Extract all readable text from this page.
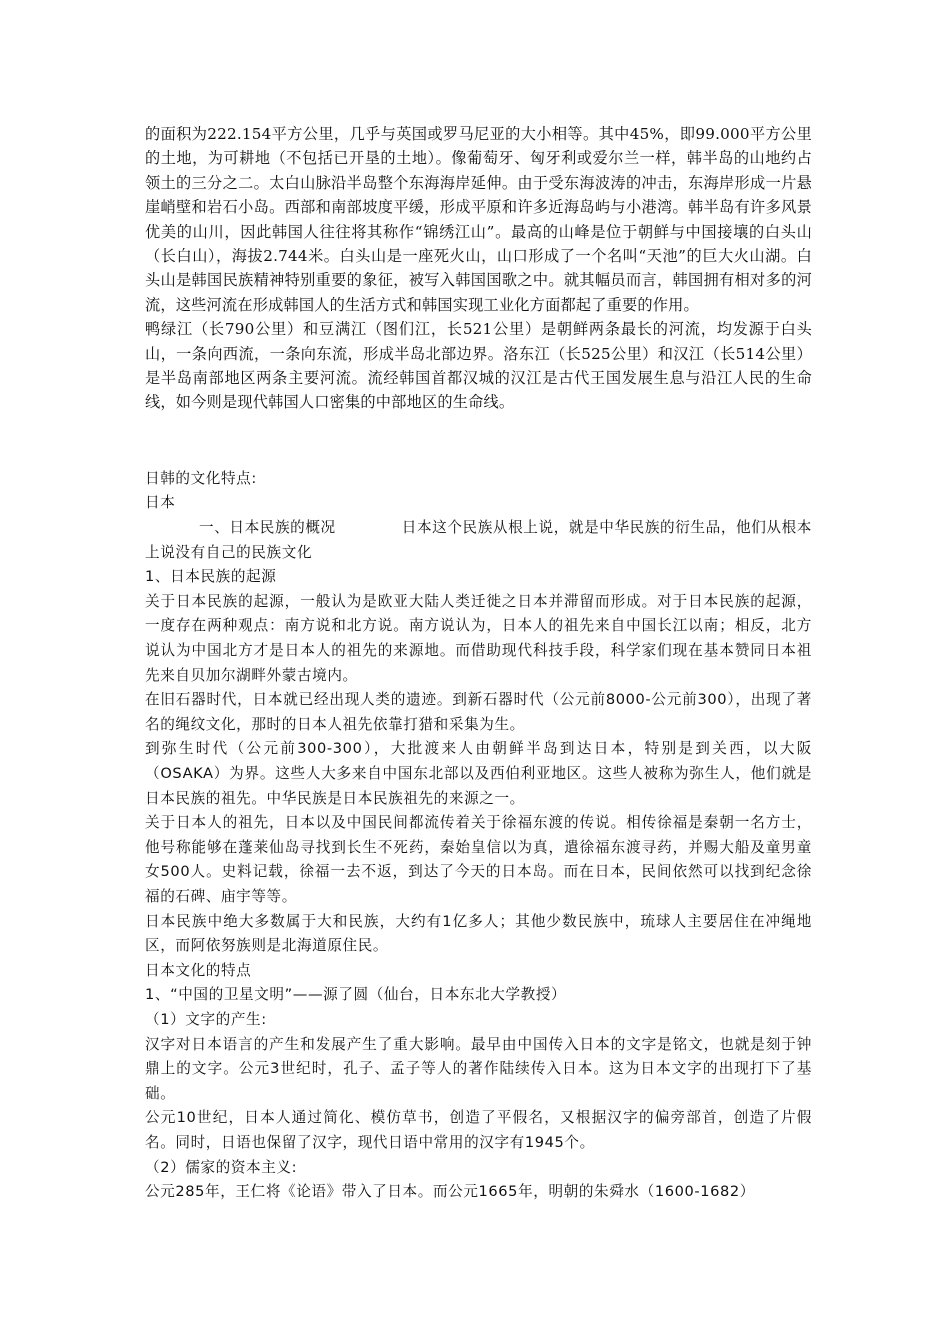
的面积为222.154平方公里，几乎与英国或罗马尼亚的大小相等。其中45%，即99.000平方公里的土地，为可耕地（不包括已开垦的土地）。像葡萄牙、匈牙利或爱尔兰一样，韩半岛的山地约占领土的三分之二。太白山脉沿半岛整个东海海岸延伸。由于受东海波涛的冲击，东海岸形成一片悬崖峭壁和岩石小岛。西部和南部坡度平缓，形成平原和许多近海岛屿与小港湾。韩半岛有许多风景优美的山川，因此韩国人往往将其称作“锦绣江山”。最高的山峰是位于朝鲜与中国接壤的白头山（长白山），海拔2.744米。白头山是一座死火山，山口形成了一个名叫“天池”的巨大火山湖。白头山是韩国民族精神特别重要的象征，被写入韩国国歌之中。就其幅员而言，韩国拥有相对多的河流，这些河流在形成韩国人的生活方式和韩国实现工业化方面都起了重要的作用。

鸭绿江（长790公里）和豆满江（图们江，长521公里）是朝鲜两条最长的河流，均发源于白头山，一条向西流，一条向东流，形成半岛北部边界。洛东江（长525公里）和汉江（长514公里）是半岛南部地区两条主要河流。流经韩国首都汉城的汉江是古代王国发展生息与沿江人民的生命线，如今则是现代韩国人口密集的中部地区的生命线。

日韩的文化特点:

日本

一、日本民族的概况	日本这个民族从根上说，就是中华民族的衍生品，他们从根本上说没有自己的民族文化

1、日本民族的起源

关于日本民族的起源，一般认为是欧亚大陆人类迁徙之日本并滞留而形成。对于日本民族的起源，一度存在两种观点：南方说和北方说。南方说认为，日本人的祖先来自中国长江以南；相反，北方说认为中国北方才是日本人的祖先的来源地。而借助现代科技手段，科学家们现在基本赞同日本祖先来自贝加尔湖畔外蒙古境内。

在旧石器时代，日本就已经出现人类的遗迹。到新石器时代（公元前8000-公元前300），出现了著名的绳纹文化，那时的日本人祖先依靠打猎和采集为生。

到弥生时代（公元前300-300），大批渡来人由朝鲜半岛到达日本，特别是到关西，以大阪（OSAKA）为界。这些人大多来自中国东北部以及西伯利亚地区。这些人被称为弥生人，他们就是日本民族的祖先。中华民族是日本民族祖先的来源之一。

关于日本人的祖先，日本以及中国民间都流传着关于徐福东渡的传说。相传徐福是秦朝一名方士，他号称能够在蓬莱仙岛寻找到长生不死药，秦始皇信以为真，遣徐福东渡寻药，并赐大船及童男童女500人。史料记载，徐福一去不返，到达了今天的日本岛。而在日本，民间依然可以找到纪念徐福的石碑、庙宇等等。

日本民族中绝大多数属于大和民族，大约有1亿多人；其他少数民族中，琉球人主要居住在冲绳地区，而阿依努族则是北海道原住民。

日本文化的特点

1、“中国的卫星文明”——源了圆（仙台，日本东北大学教授）

（1）文字的产生:

汉字对日本语言的产生和发展产生了重大影响。最早由中国传入日本的文字是铭文，也就是刻于钟鼎上的文字。公元3世纪时，孔子、孟子等人的著作陆续传入日本。这为日本文字的出现打下了基础。

公元10世纪，日本人通过简化、模仿草书，创造了平假名，又根据汉字的偏旁部首，创造了片假名。同时，日语也保留了汉字，现代日语中常用的汉字有1945个。

（2）儒家的资本主义:

公元285年，王仁将《论语》带入了日本。而公元1665年，明朝的朱舜水（1600-1682）
